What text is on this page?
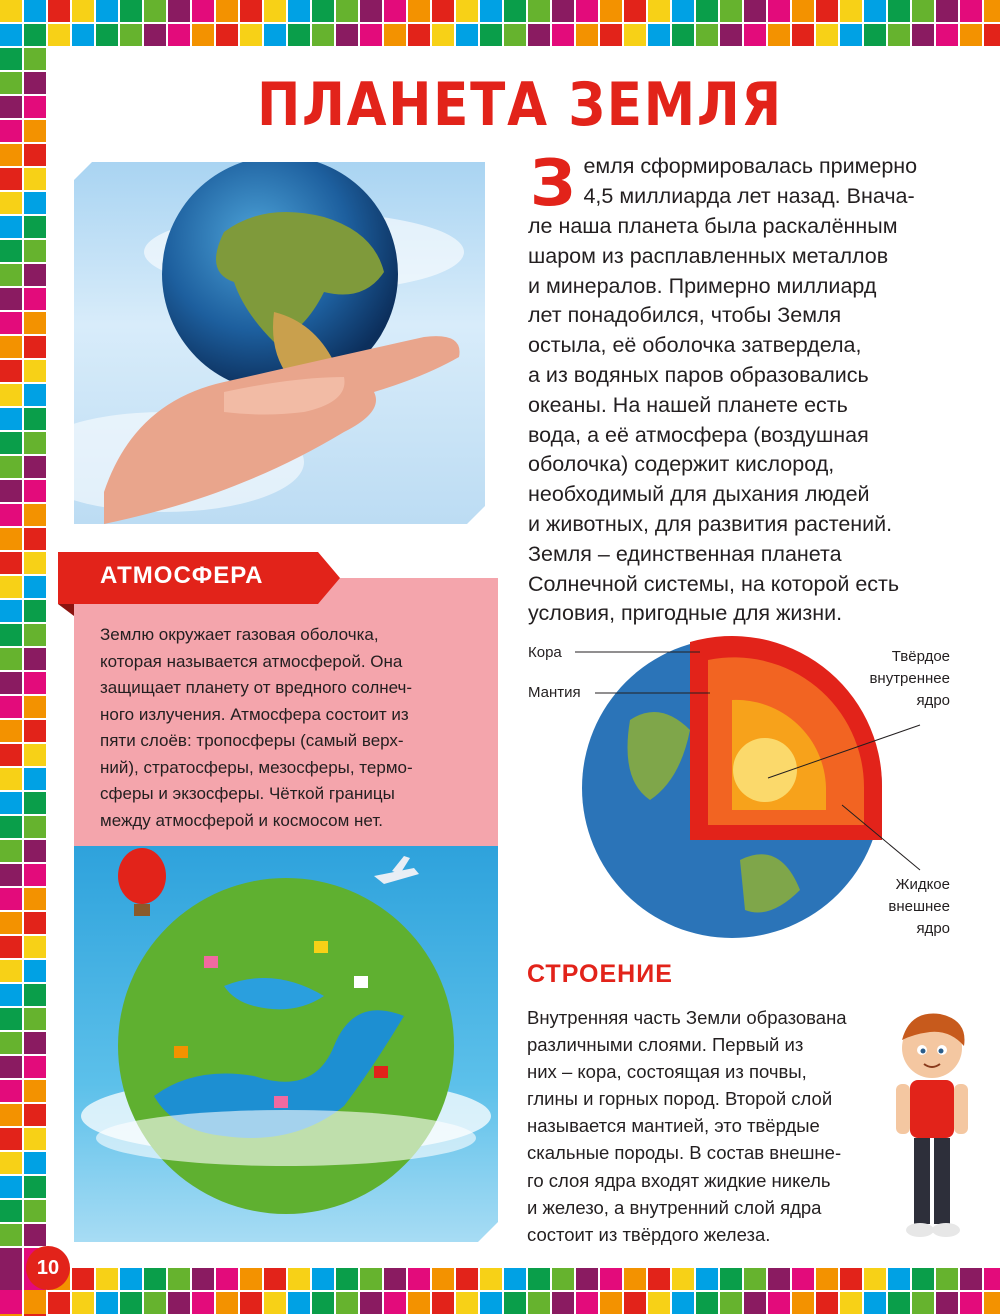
ПЛАНЕТА ЗЕМЛЯ
З емля сформировалась примерно
4,5 миллиарда лет назад. Внача-
ле наша планета была раскалённым
шаром из расплавленных металлов
и минералов. Примерно миллиард
лет понадобился, чтобы Земля
остыла, её оболочка затвердела,
а из водяных паров образовались
океаны. На нашей планете есть
вода, а её атмосфера (воздушная
оболочка) содержит кислород,
необходимый для дыхания людей
и животных, для развития растений.
Земля – единственная планета
Солнечной системы, на которой есть
условия, пригодные для жизни.
АТМОСФЕРА
Землю окружает газовая оболочка,
которая называется атмосферой. Она
защищает планету от вредного солнеч-
ного излучения. Атмосфера состоит из
пяти слоёв: тропосферы (самый верх-
ний), стратосферы, мезосферы, термо-
сферы и экзосферы. Чёткой границы
между атмосферой и космосом нет.
Кора
Мантия
Твёрдое
внутреннее
ядро
Жидкое
внешнее
ядро
СТРОЕНИЕ
Внутренняя часть Земли образована
различными слоями. Первый из
них – кора, состоящая из почвы,
глины и горных пород. Второй слой
называется мантией, это твёрдые
скальные породы. В состав внешне-
го слоя ядра входят жидкие никель
и железо, а внутренний слой ядра
состоит из твёрдого железа.
10
